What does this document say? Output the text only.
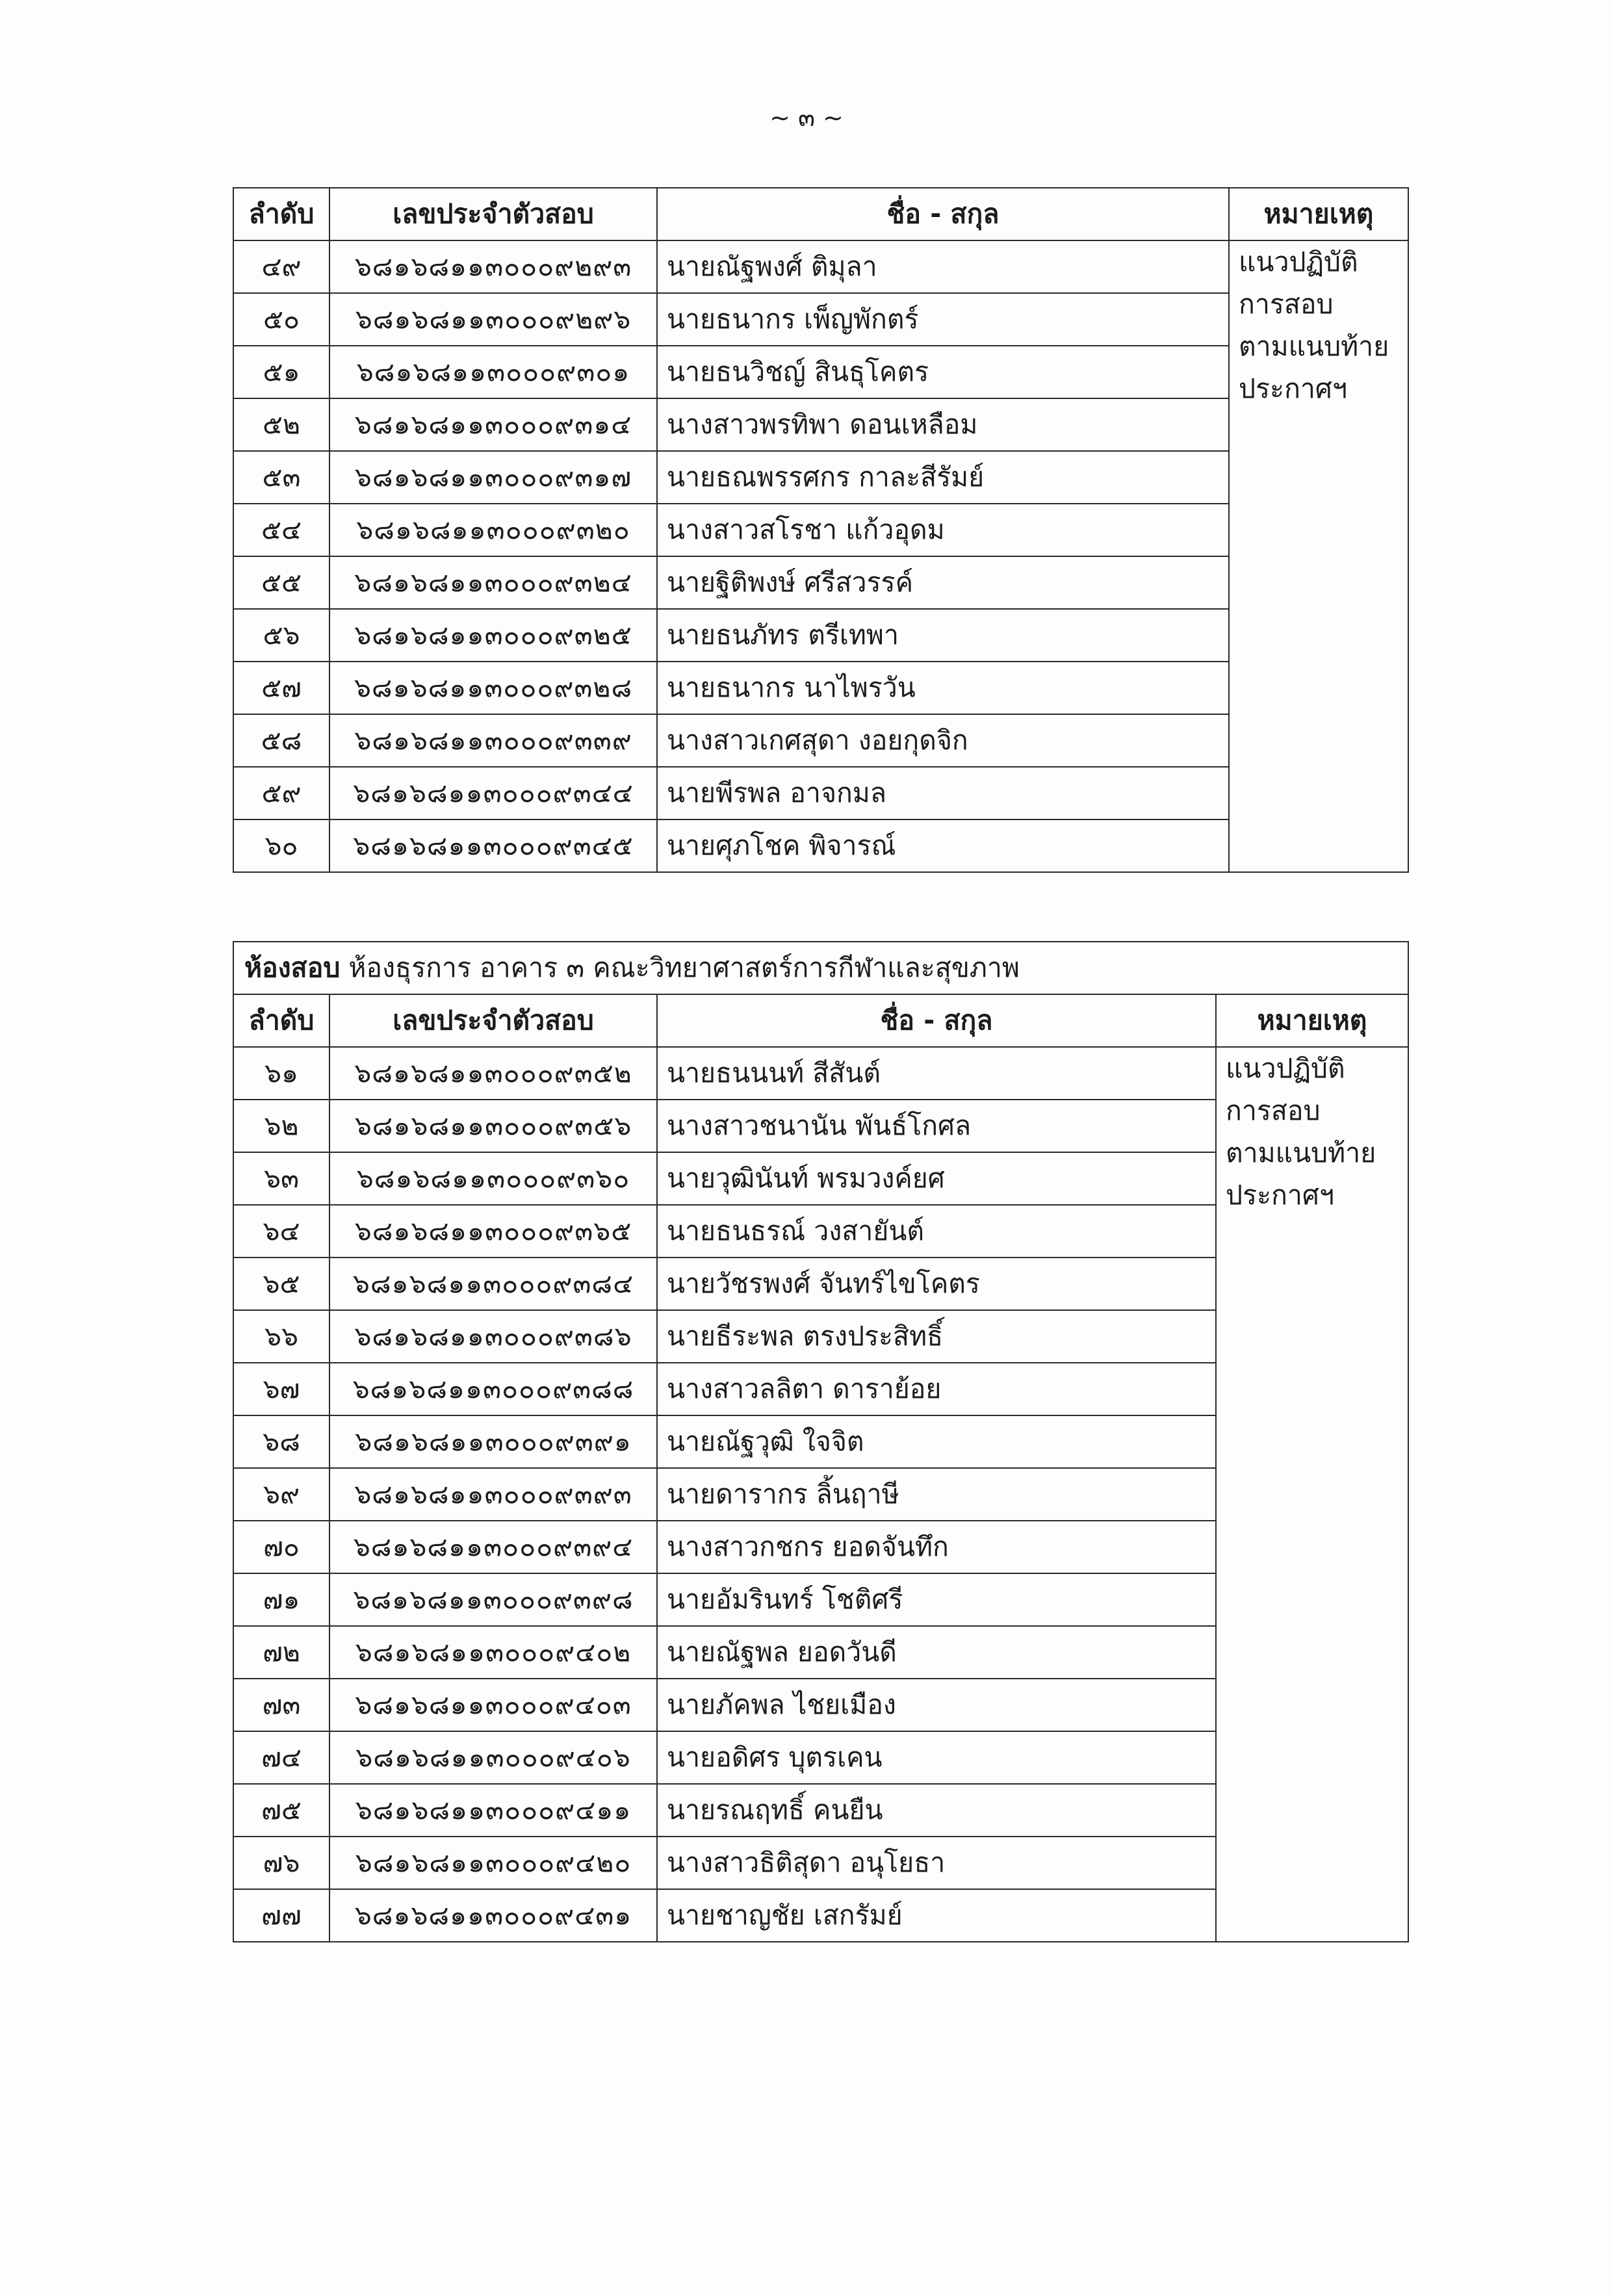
~ ๓ ~
ลำดับ	เลขประจำตัวสอบ	ชื่อ - สกุล	หมายเหตุ
๔๙	๖๘๑๖๘๑๑๓๐๐๐๙๒๙๓	นายณัฐพงศ์ ติมุลา	แนวปฏิบัติ
การสอบ
ตามแนบท้าย
ประกาศฯ

๕๐	๖๘๑๖๘๑๑๓๐๐๐๙๒๙๖	นายธนากร เพ็ญพักตร์	
๕๑	๖๘๑๖๘๑๑๓๐๐๐๙๓๐๑	นายธนวิชญ์ สินธุโคตร	
๕๒	๖๘๑๖๘๑๑๓๐๐๐๙๓๑๔	นางสาวพรทิพา ดอนเหลือม	
๕๓	๖๘๑๖๘๑๑๓๐๐๐๙๓๑๗	นายธณพรรศกร กาละสีรัมย์	
๕๔	๖๘๑๖๘๑๑๓๐๐๐๙๓๒๐	นางสาวสโรชา แก้วอุดม	
๕๕	๖๘๑๖๘๑๑๓๐๐๐๙๓๒๔	นายฐิติพงษ์ ศรีสวรรค์	
๕๖	๖๘๑๖๘๑๑๓๐๐๐๙๓๒๕	นายธนภัทร ตรีเทพา	
๕๗	๖๘๑๖๘๑๑๓๐๐๐๙๓๒๘	นายธนากร นาไพรวัน	
๕๘	๖๘๑๖๘๑๑๓๐๐๐๙๓๓๙	นางสาวเกศสุดา งอยกุดจิก	
๕๙	๖๘๑๖๘๑๑๓๐๐๐๙๓๔๔	นายพีรพล อาจกมล	
๖๐	๖๘๑๖๘๑๑๓๐๐๐๙๓๔๕	นายศุภโชค พิจารณ์	
ห้องสอบ ห้องธุรการ อาคาร ๓ คณะวิทยาศาสตร์การกีฬาและสุขภาพ			
ลำดับ	เลขประจำตัวสอบ	ชื่อ - สกุล	หมายเหตุ
๖๑	๖๘๑๖๘๑๑๓๐๐๐๙๓๕๒	นายธนนนท์ สีสันต์	แนวปฏิบัติ
การสอบ
ตามแนบท้าย
ประกาศฯ

๖๒	๖๘๑๖๘๑๑๓๐๐๐๙๓๕๖	นางสาวชนานัน พันธ์โกศล	
๖๓	๖๘๑๖๘๑๑๓๐๐๐๙๓๖๐	นายวุฒินันท์ พรมวงค์ยศ	
๖๔	๖๘๑๖๘๑๑๓๐๐๐๙๓๖๕	นายธนธรณ์ วงสายันต์	
๖๕	๖๘๑๖๘๑๑๓๐๐๐๙๓๘๔	นายวัชรพงศ์ จันทร์ไขโคตร	
๖๖	๖๘๑๖๘๑๑๓๐๐๐๙๓๘๖	นายธีระพล ตรงประสิทธิ์	
๖๗	๖๘๑๖๘๑๑๓๐๐๐๙๓๘๘	นางสาวลลิตา ดาราย้อย	
๖๘	๖๘๑๖๘๑๑๓๐๐๐๙๓๙๑	นายณัฐวุฒิ ใจจิต	
๖๙	๖๘๑๖๘๑๑๓๐๐๐๙๓๙๓	นายดารากร ลิ้นฤาษี	
๗๐	๖๘๑๖๘๑๑๓๐๐๐๙๓๙๔	นางสาวกชกร ยอดจันทึก	
๗๑	๖๘๑๖๘๑๑๓๐๐๐๙๓๙๘	นายอัมรินทร์ โชติศรี	
๗๒	๖๘๑๖๘๑๑๓๐๐๐๙๔๐๒	นายณัฐพล ยอดวันดี	
๗๓	๖๘๑๖๘๑๑๓๐๐๐๙๔๐๓	นายภัคพล ไชยเมือง	
๗๔	๖๘๑๖๘๑๑๓๐๐๐๙๔๐๖	นายอดิศร บุตรเคน	
๗๕	๖๘๑๖๘๑๑๓๐๐๐๙๔๑๑	นายรณฤทธิ์ คนยืน	
๗๖	๖๘๑๖๘๑๑๓๐๐๐๙๔๒๐	นางสาวธิติสุดา อนุโยธา	
๗๗	๖๘๑๖๘๑๑๓๐๐๐๙๔๓๑	นายชาญชัย เสกรัมย์	
